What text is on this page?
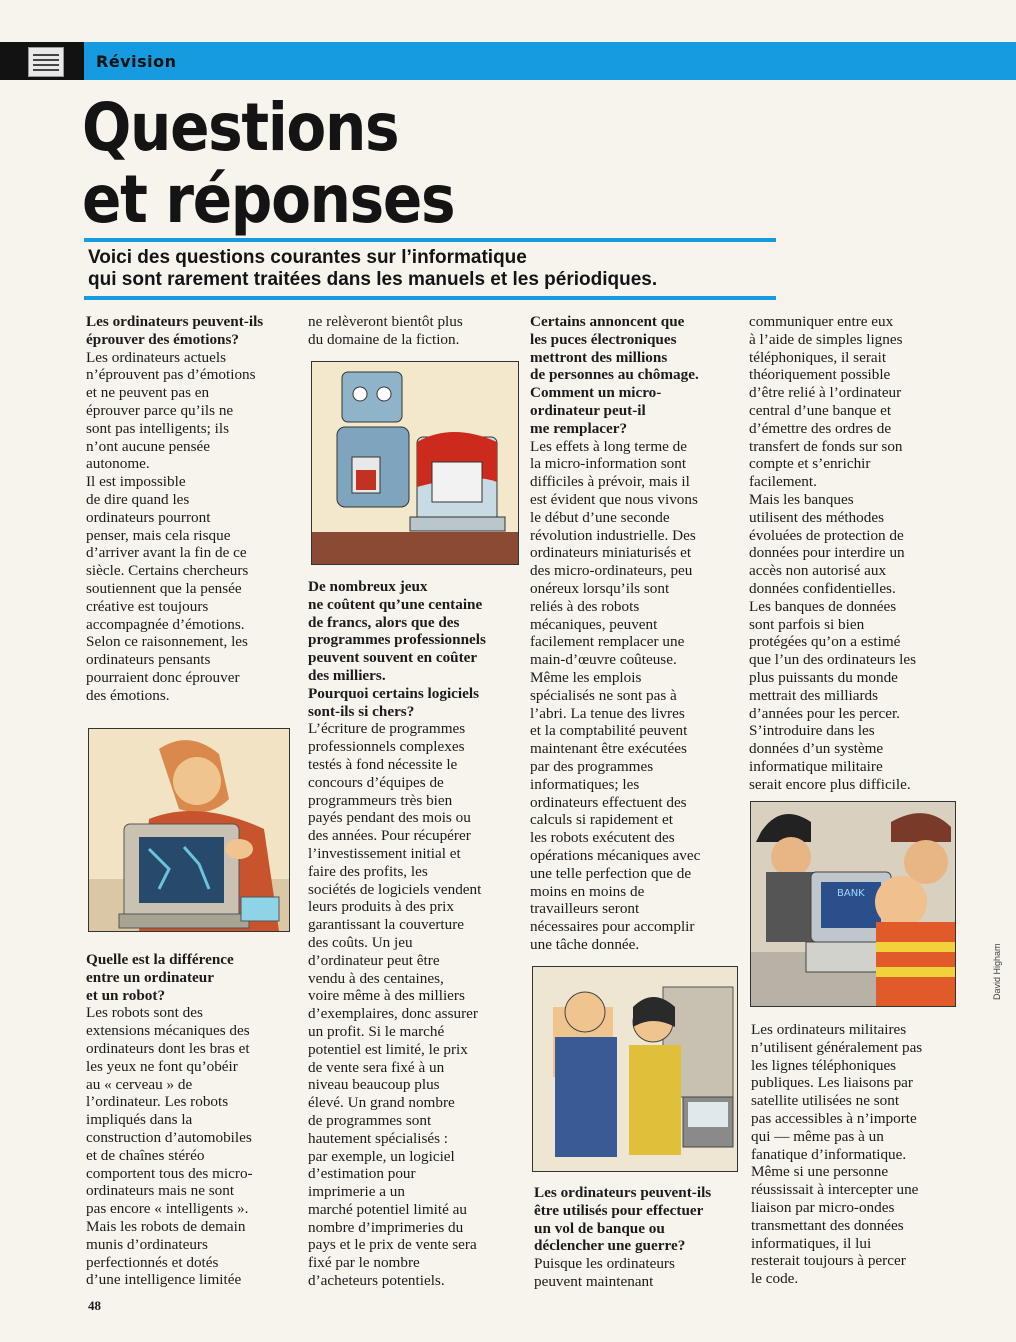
Révision
Questions
et réponses
Voici des questions courantes sur l’informatique
qui sont rarement traitées dans les manuels et les périodiques.

Les ordinateurs peuvent-ils
éprouver des émotions?

Les ordinateurs actuels
n’éprouvent pas d’émotions
et ne peuvent pas en
éprouver parce qu’ils ne
sont pas intelligents; ils
n’ont aucune pensée
autonome.
Il est impossible
de dire quand les
ordinateurs pourront
penser, mais cela risque
d’arriver avant la fin de ce
siècle. Certains chercheurs
soutiennent que la pensée
créative est toujours
accompagnée d’émotions.
Selon ce raisonnement, les
ordinateurs pensants
pourraient donc éprouver
des émotions.

Quelle est la différence
entre un ordinateur
et un robot?

Les robots sont des
extensions mécaniques des
ordinateurs dont les bras et
les yeux ne font qu’obéir
au « cerveau » de
l’ordinateur. Les robots
impliqués dans la
construction d’automobiles
et de chaînes stéréo
comportent tous des micro-
ordinateurs mais ne sont
pas encore « intelligents ».
Mais les robots de demain
munis d’ordinateurs
perfectionnés et dotés
d’une intelligence limitée

ne relèveront bientôt plus
du domaine de la fiction.

De nombreux jeux
ne coûtent qu’une centaine
de francs, alors que des
programmes professionnels
peuvent souvent en coûter
des milliers.
Pourquoi certains logiciels
sont-ils si chers?

L’écriture de programmes
professionnels complexes
testés à fond nécessite le
concours d’équipes de
programmeurs très bien
payés pendant des mois ou
des années. Pour récupérer
l’investissement initial et
faire des profits, les
sociétés de logiciels vendent
leurs produits à des prix
garantissant la couverture
des coûts. Un jeu
d’ordinateur peut être
vendu à des centaines,
voire même à des milliers
d’exemplaires, donc assurer
un profit. Si le marché
potentiel est limité, le prix
de vente sera fixé à un
niveau beaucoup plus
élevé. Un grand nombre
de programmes sont
hautement spécialisés :
par exemple, un logiciel
d’estimation pour
imprimerie a un
marché potentiel limité au
nombre d’imprimeries du
pays et le prix de vente sera
fixé par le nombre
d’acheteurs potentiels.

Certains annoncent que
les puces électroniques
mettront des millions
de personnes au chômage.
Comment un micro-
ordinateur peut-il
me remplacer?

Les effets à long terme de
la micro-information sont
difficiles à prévoir, mais il
est évident que nous vivons
le début d’une seconde
révolution industrielle. Des
ordinateurs miniaturisés et
des micro-ordinateurs, peu
onéreux lorsqu’ils sont
reliés à des robots
mécaniques, peuvent
facilement remplacer une
main-d’œuvre coûteuse.
Même les emplois
spécialisés ne sont pas à
l’abri. La tenue des livres
et la comptabilité peuvent
maintenant être exécutées
par des programmes
informatiques; les
ordinateurs effectuent des
calculs si rapidement et
les robots exécutent des
opérations mécaniques avec
une telle perfection que de
moins en moins de
travailleurs seront
nécessaires pour accomplir
une tâche donnée.

Les ordinateurs peuvent-ils
être utilisés pour effectuer
un vol de banque ou
déclencher une guerre?

Puisque les ordinateurs
peuvent maintenant

communiquer entre eux
à l’aide de simples lignes
téléphoniques, il serait
théoriquement possible
d’être relié à l’ordinateur
central d’une banque et
d’émettre des ordres de
transfert de fonds sur son
compte et s’enrichir
facilement.
Mais les banques
utilisent des méthodes
évoluées de protection de
données pour interdire un
accès non autorisé aux
données confidentielles.
Les banques de données
sont parfois si bien
protégées qu’on a estimé
que l’un des ordinateurs les
plus puissants du monde
mettrait des milliards
d’années pour les percer.
S’introduire dans les
données d’un système
informatique militaire
serait encore plus difficile.

BANK

Les ordinateurs militaires
n’utilisent généralement pas
les lignes téléphoniques
publiques. Les liaisons par
satellite utilisées ne sont
pas accessibles à n’importe
qui — même pas à un
fanatique d’informatique.
Même si une personne
réussissait à intercepter une
liaison par micro-ondes
transmettant des données
informatiques, il lui
resterait toujours à percer
le code.

David Higham
48
